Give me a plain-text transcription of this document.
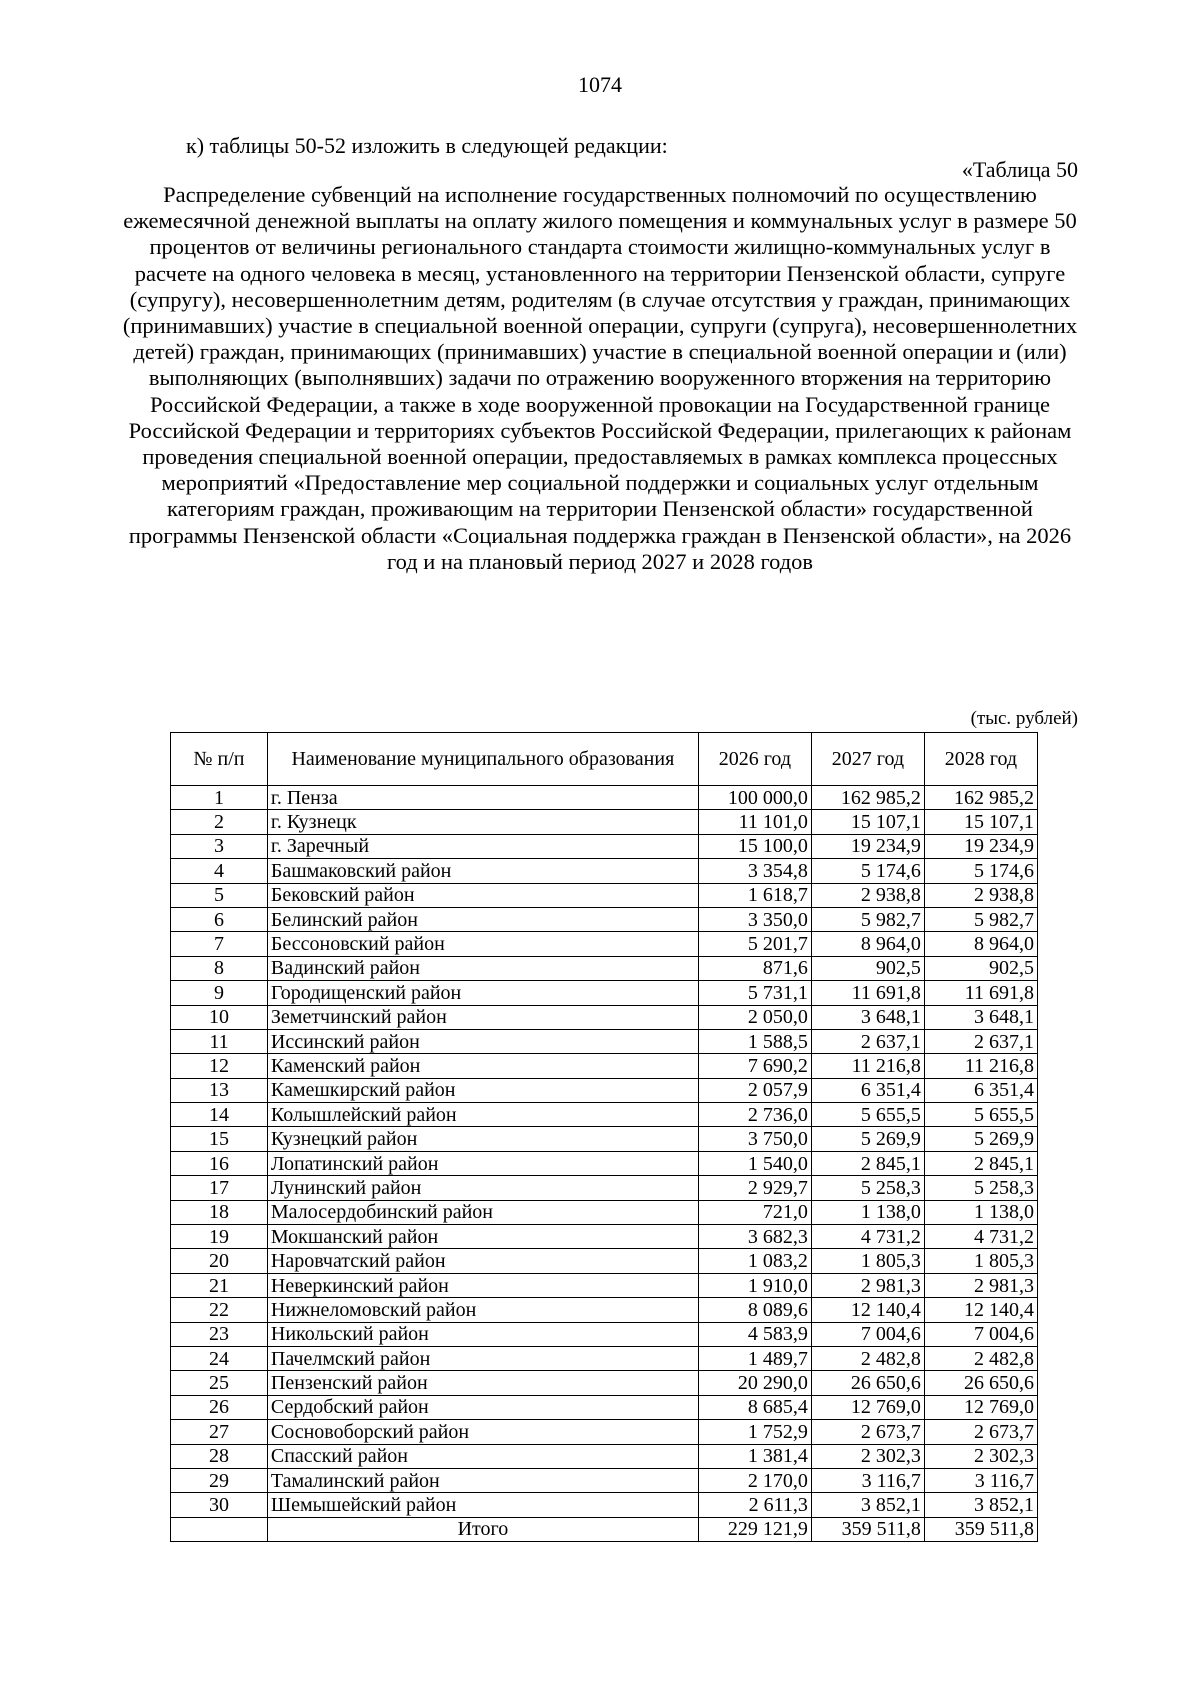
1074
к) таблицы 50-52 изложить в следующей редакции:
«Таблица 50
Распределение субвенций на исполнение государственных полномочий по осуществлению ежемесячной денежной выплаты на оплату жилого помещения и коммунальных услуг в размере 50 процентов от величины регионального стандарта стоимости жилищно-коммунальных услуг в расчете на одного человека в месяц, установленного на территории Пензенской области, супруге (супругу), несовершеннолетним детям, родителям (в случае отсутствия у граждан, принимающих (принимавших) участие в специальной военной операции, супруги (супруга), несовершеннолетних детей) граждан, принимающих (принимавших) участие в специальной военной операции и (или) выполняющих (выполнявших) задачи по отражению вооруженного вторжения на территорию Российской Федерации, а также в ходе вооруженной провокации на Государственной границе Российской Федерации и территориях субъектов Российской Федерации, прилегающих к районам проведения специальной военной операции, предоставляемых в рамках комплекса процессных мероприятий «Предоставление мер социальной поддержки и социальных услуг отдельным категориям граждан, проживающим на территории Пензенской области» государственной программы Пензенской области «Социальная поддержка граждан в Пензенской области», на 2026 год и на плановый период 2027 и 2028 годов
(тыс. рублей)
№ п/п	Наименование муниципального образования	2026 год	2027 год	2028 год
1	г. Пенза	100 000,0	162 985,2	162 985,2
2	г. Кузнецк	11 101,0	15 107,1	15 107,1
3	г. Заречный	15 100,0	19 234,9	19 234,9
4	Башмаковский район	3 354,8	5 174,6	5 174,6
5	Бековский район	1 618,7	2 938,8	2 938,8
6	Белинский район	3 350,0	5 982,7	5 982,7
7	Бессоновский район	5 201,7	8 964,0	8 964,0
8	Вадинский район	871,6	902,5	902,5
9	Городищенский район	5 731,1	11 691,8	11 691,8
10	Земетчинский район	2 050,0	3 648,1	3 648,1
11	Иссинский район	1 588,5	2 637,1	2 637,1
12	Каменский район	7 690,2	11 216,8	11 216,8
13	Камешкирский район	2 057,9	6 351,4	6 351,4
14	Колышлейский район	2 736,0	5 655,5	5 655,5
15	Кузнецкий район	3 750,0	5 269,9	5 269,9
16	Лопатинский район	1 540,0	2 845,1	2 845,1
17	Лунинский район	2 929,7	5 258,3	5 258,3
18	Малосердобинский район	721,0	1 138,0	1 138,0
19	Мокшанский район	3 682,3	4 731,2	4 731,2
20	Наровчатский район	1 083,2	1 805,3	1 805,3
21	Неверкинский район	1 910,0	2 981,3	2 981,3
22	Нижнеломовский район	8 089,6	12 140,4	12 140,4
23	Никольский район	4 583,9	7 004,6	7 004,6
24	Пачелмский район	1 489,7	2 482,8	2 482,8
25	Пензенский район	20 290,0	26 650,6	26 650,6
26	Сердобский район	8 685,4	12 769,0	12 769,0
27	Сосновоборский район	1 752,9	2 673,7	2 673,7
28	Спасский район	1 381,4	2 302,3	2 302,3
29	Тамалинский район	2 170,0	3 116,7	3 116,7
30	Шемышейский район	2 611,3	3 852,1	3 852,1
	Итого	229 121,9	359 511,8	359 511,8
